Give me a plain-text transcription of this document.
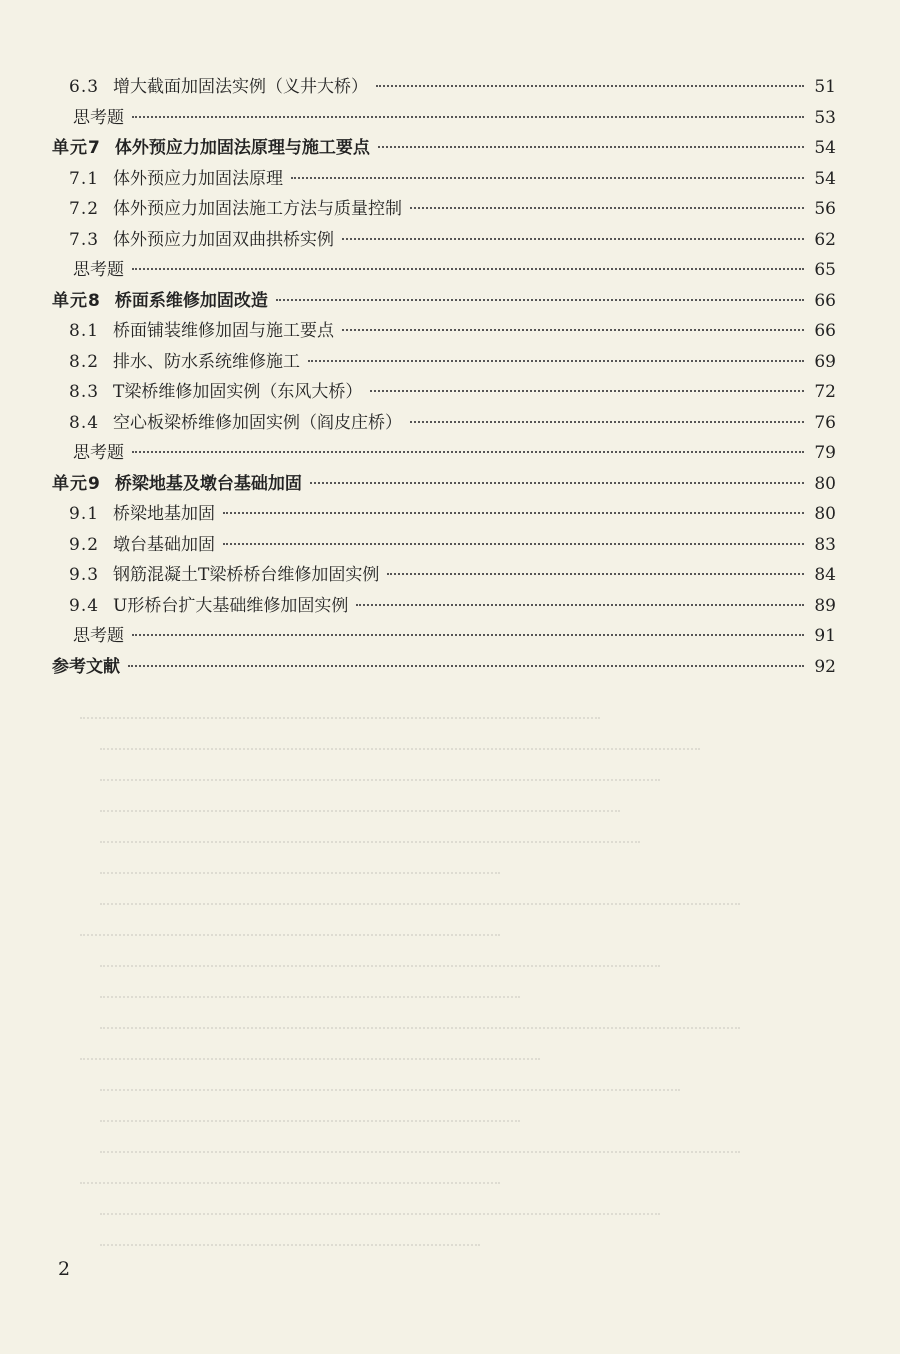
6.3 增大截面加固法实例（义井大桥）	51
思考题	53
单元7 体外预应力加固法原理与施工要点	54
7.1 体外预应力加固法原理	54
7.2 体外预应力加固法施工方法与质量控制	56
7.3 体外预应力加固双曲拱桥实例	62
思考题	65
单元8 桥面系维修加固改造	66
8.1 桥面铺装维修加固与施工要点	66
8.2 排水、防水系统维修施工	69
8.3 T梁桥维修加固实例（东风大桥）	72
8.4 空心板梁桥维修加固实例（阎皮庄桥）	76
思考题	79
单元9 桥梁地基及墩台基础加固	80
9.1 桥梁地基加固	80
9.2 墩台基础加固	83
9.3 钢筋混凝土T梁桥桥台维修加固实例	84
9.4 U形桥台扩大基础维修加固实例	89
思考题	91
参考文献	92
2
